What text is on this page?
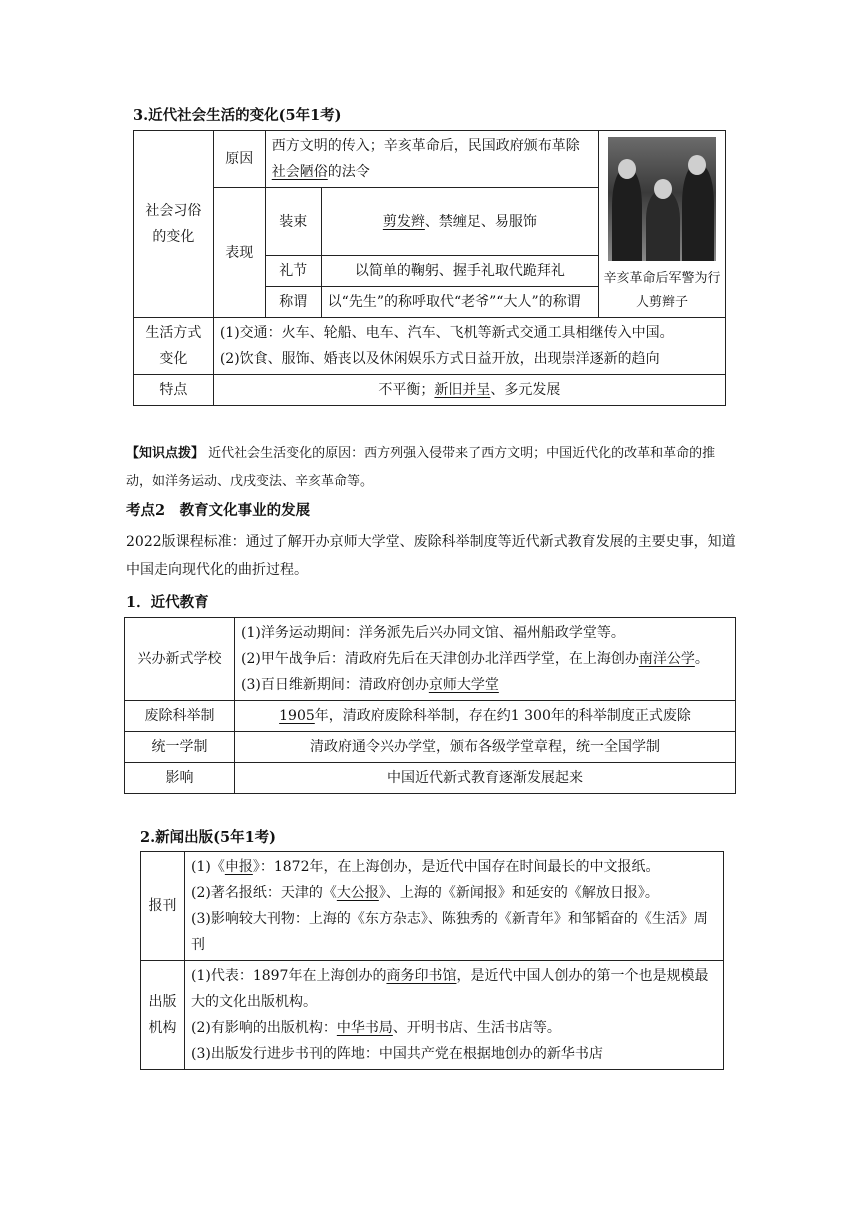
3.近代社会生活的变化(5年1考)
社会习俗的变化	原因	西方文明的传入；辛亥革命后，民国政府颁布革除社会陋俗的法令		辛亥革命后军警为行人剪辫子

	表现	装束	剪发辫、禁缠足、易服饰	
		礼节	以简单的鞠躬、握手礼取代跪拜礼	
		称谓	以“先生”的称呼取代“老爷”“大人”的称谓	
生活方式变化	(1)交通：火车、轮船、电车、汽车、飞机等新式交通工具相继传入中国。
(2)饮食、服饰、婚丧以及休闲娱乐方式日益开放，出现崇洋逐新的趋向			

特点	不平衡；新旧并呈、多元发展			
【知识点拨】 近代社会生活变化的原因：西方列强入侵带来了西方文明；中国近代化的改革和革命的推动，如洋务运动、戊戌变法、辛亥革命等。
考点2　教育文化事业的发展
2022版课程标准：通过了解开办京师大学堂、废除科举制度等近代新式教育发展的主要史事，知道中国走向现代化的曲折过程。
1．近代教育
兴办新式学校	(1)洋务运动期间：洋务派先后兴办同文馆、福州船政学堂等。
(2)甲午战争后：清政府先后在天津创办北洋西学堂，在上海创办南洋公学。
(3)百日维新期间：清政府创办京师大学堂

废除科举制	1905年，清政府废除科举制，存在约1 300年的科举制度正式废除
统一学制	清政府通令兴办学堂，颁布各级学堂章程，统一全国学制
影响	中国近代新式教育逐渐发展起来
2.新闻出版(5年1考)
报刊	(1)《申报》：1872年，在上海创办，是近代中国存在时间最长的中文报纸。
(2)著名报纸：天津的《大公报》、上海的《新闻报》和延安的《解放日报》。
(3)影响较大刊物：上海的《东方杂志》、陈独秀的《新青年》和邹韬奋的《生活》周刊

出版机构	(1)代表：1897年在上海创办的商务印书馆，是近代中国人创办的第一个也是规模最大的文化出版机构。
(2)有影响的出版机构：中华书局、开明书店、生活书店等。
(3)出版发行进步书刊的阵地：中国共产党在根据地创办的新华书店
